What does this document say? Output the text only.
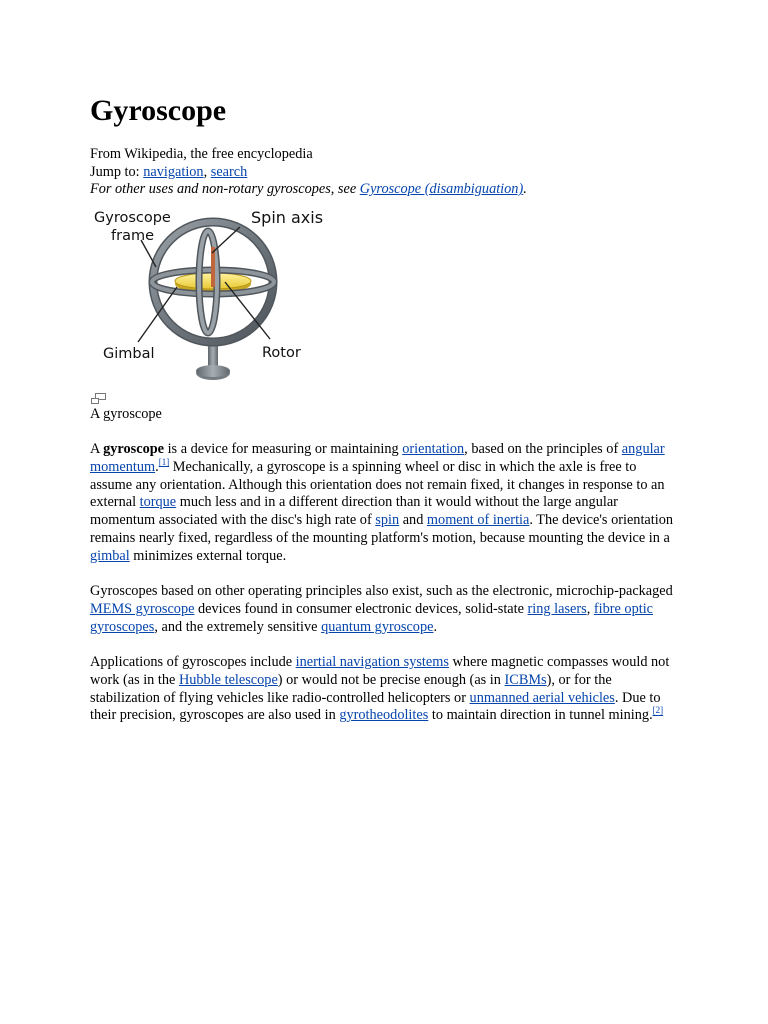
Gyroscope
From Wikipedia, the free encyclopedia
Jump to: navigation, search
For other uses and non-rotary gyroscopes, see Gyroscope (disambiguation).
Gyroscope
frame
Spin axis
Gimbal	Rotor
A gyroscope

A gyroscope is a device for measuring or maintaining orientation, based on the principles of angular momentum.[1] Mechanically, a gyroscope is a spinning wheel or disc in which the axle is free to assume any orientation. Although this orientation does not remain fixed, it changes in response to an external torque much less and in a different direction than it would without the large angular momentum associated with the disc's high rate of spin and moment of inertia. The device's orientation remains nearly fixed, regardless of the mounting platform's motion, because mounting the device in a gimbal minimizes external torque.

Gyroscopes based on other operating principles also exist, such as the electronic, microchip-packaged MEMS gyroscope devices found in consumer electronic devices, solid-state ring lasers, fibre optic gyroscopes, and the extremely sensitive quantum gyroscope.

Applications of gyroscopes include inertial navigation systems where magnetic compasses would not work (as in the Hubble telescope) or would not be precise enough (as in ICBMs), or for the stabilization of flying vehicles like radio-controlled helicopters or unmanned aerial vehicles. Due to their precision, gyroscopes are also used in gyrotheodolites to maintain direction in tunnel mining.[2]
